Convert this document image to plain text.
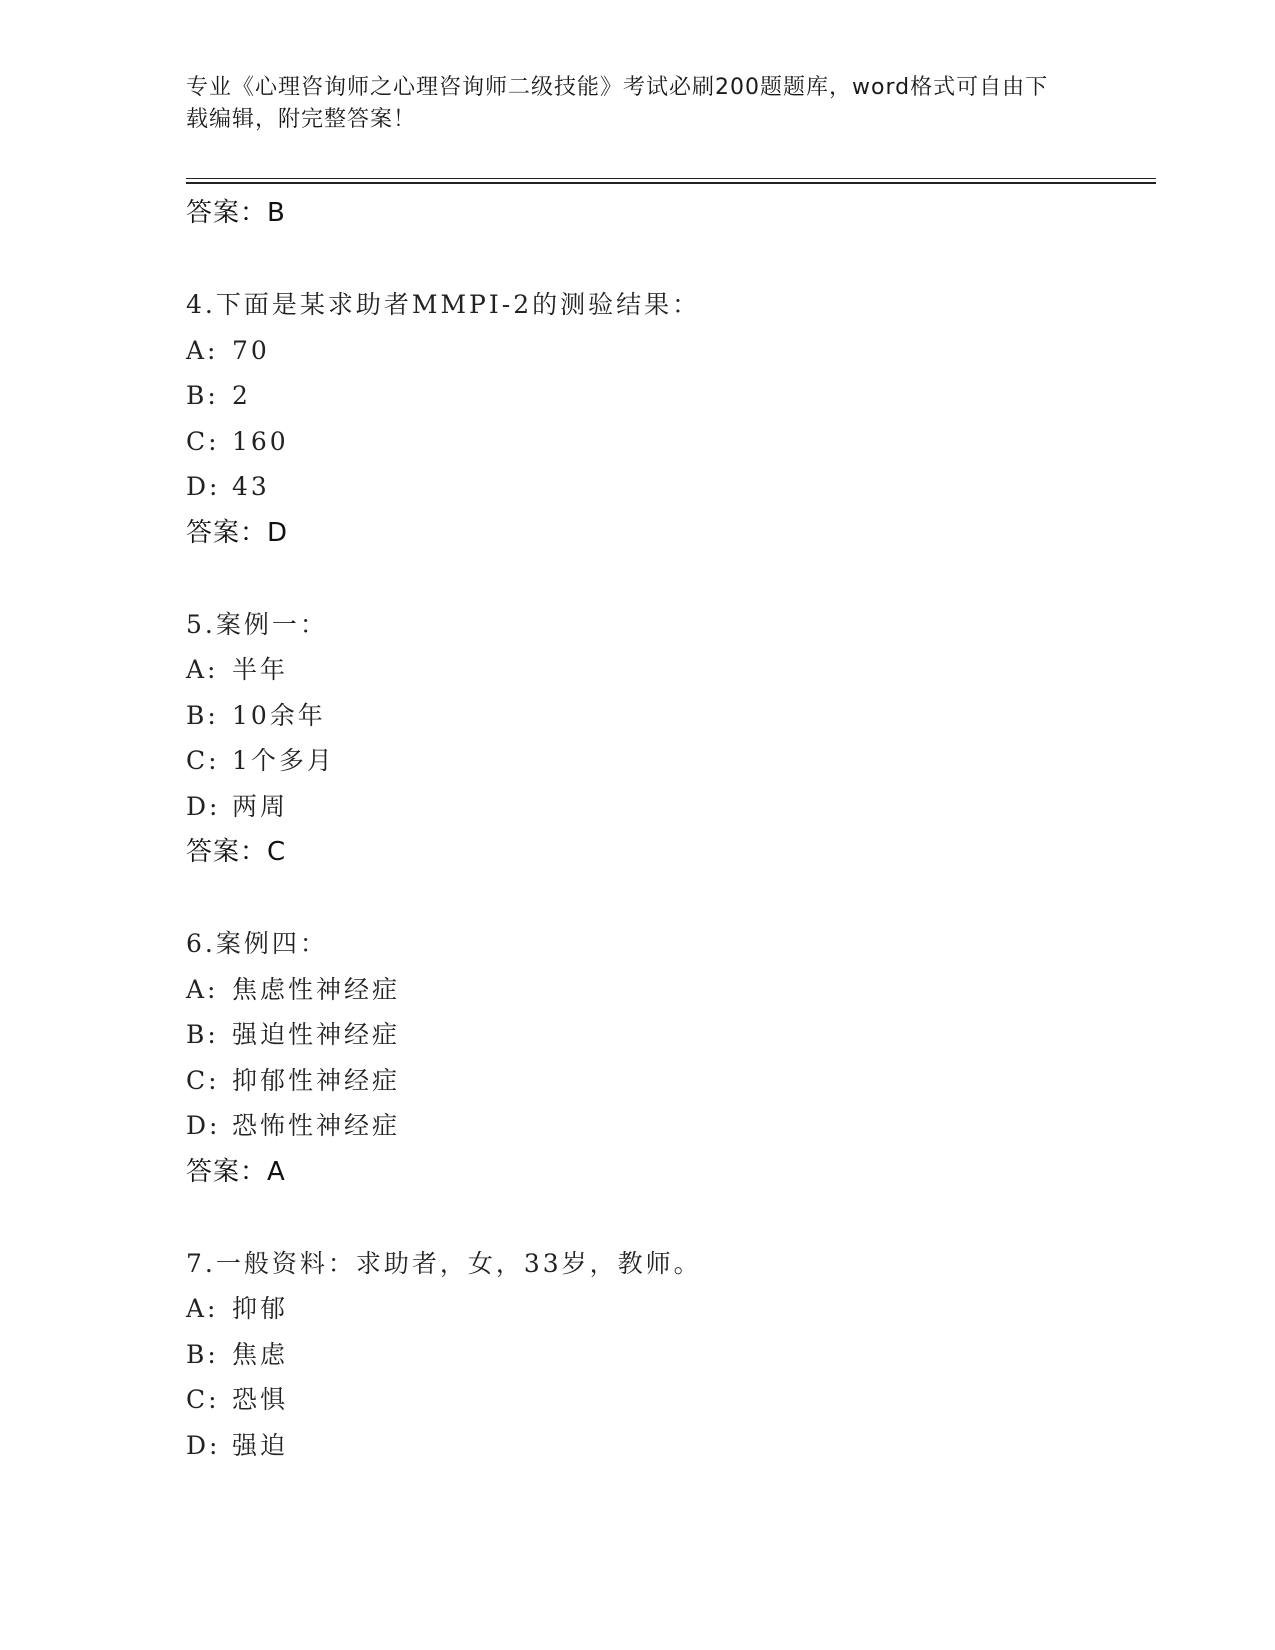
专业《心理咨询师之心理咨询师二级技能》考试必刷200题题库，word格式可自由下载编辑，附完整答案！
答案：B
4.下面是某求助者MMPI-2的测验结果：
A: 70
B: 2
C: 160
D: 43
答案：D
5.案例一：
A: 半年
B: 10余年
C: 1个多月
D: 两周
答案：C
6.案例四：
A: 焦虑性神经症
B: 强迫性神经症
C: 抑郁性神经症
D: 恐怖性神经症
答案：A
7.一般资料：求助者，女，33岁，教师。
A: 抑郁
B: 焦虑
C: 恐惧
D: 强迫
